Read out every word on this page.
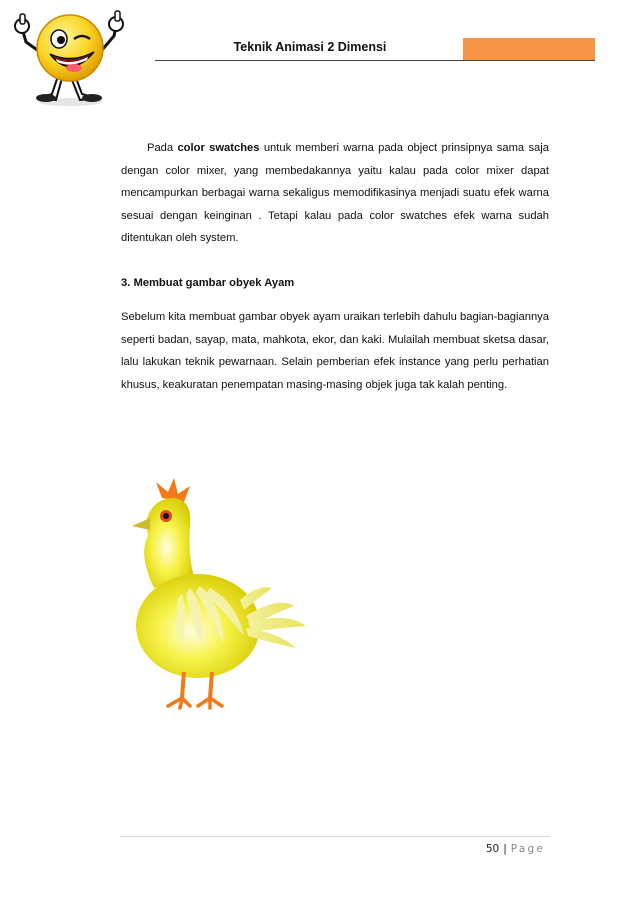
Teknik Animasi 2 Dimensi

Pada color swatches untuk memberi warna pada object prinsipnya sama saja dengan color mixer, yang membedakannya yaitu kalau pada color mixer dapat mencampurkan berbagai warna sekaligus memodifikasinya menjadi suatu efek warna sesuai dengan keinginan . Tetapi kalau pada color swatches efek warna sudah ditentukan oleh system.

3. Membuat gambar obyek Ayam

Sebelum kita membuat gambar obyek ayam uraikan terlebih dahulu bagian-bagiannya seperti badan, sayap, mata, mahkota, ekor, dan kaki. Mulailah membuat sketsa dasar, lalu lakukan teknik pewarnaan. Selain pemberian efek instance yang perlu perhatian khusus, keakuratan penempatan masing-masing objek juga tak kalah penting.

50 | Page
